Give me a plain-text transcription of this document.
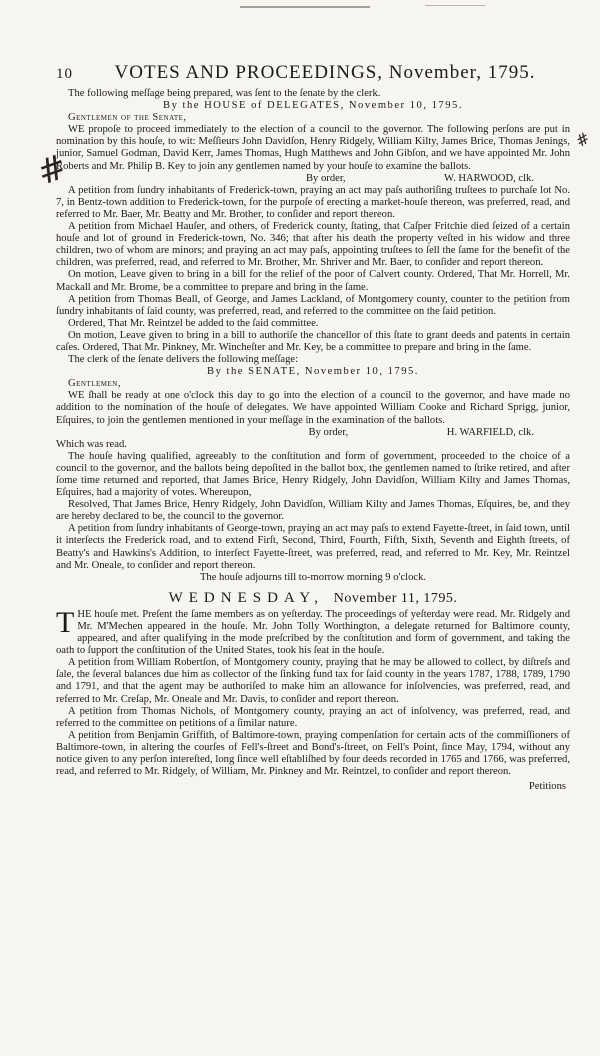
#
#
10	VOTES AND PROCEEDINGS, November, 1795.

The following meſſage being prepared, was ſent to the ſenate by the clerk.

By the HOUSE of DELEGATES, November 10, 1795.

Gentlemen of the Senate,

WE propoſe to proceed immediately to the election of a council to the governor. The following perſons are put in nomination by this houſe, to wit: Meſſieurs John Davidſon, Henry Ridgely, William Kilty, James Brice, Thomas Jenings, junior, Samuel Godman, David Kerr, James Thomas, Hugh Matthews and John Gibſon, and we have appointed Mr. John Roberts and Mr. Philip B. Key to join any gentlemen named by your houſe to examine the ballots.

By order,	W. HARWOOD, clk.

A petition from ſundry inhabitants of Frederick-town, praying an act may paſs authoriſing truſtees to purchaſe lot No. 7, in Bentz-town addition to Frederick-town, for the purpoſe of erecting a market-houſe thereon, was preferred, read, and referred to Mr. Baer, Mr. Beatty and Mr. Brother, to conſider and report thereon.

A petition from Michael Hauſer, and others, of Frederick county, ſtating, that Caſper Fritchie died ſeized of a certain houſe and lot of ground in Frederick-town, No. 346; that after his death the property veſted in his widow and three children, two of whom are minors; and praying an act may paſs, appointing truſtees to ſell the ſame for the benefit of the children, was preferred, read, and referred to Mr. Brother, Mr. Shriver and Mr. Baer, to conſider and report thereon.

On motion, Leave given to bring in a bill for the relief of the poor of Calvert county. Ordered, That Mr. Horrell, Mr. Mackall and Mr. Brome, be a committee to prepare and bring in the ſame.

A petition from Thomas Beall, of George, and James Lackland, of Montgomery county, counter to the petition from ſundry inhabitants of ſaid county, was preferred, read, and referred to the committee on the ſaid petition.

Ordered, That Mr. Reintzel be added to the ſaid committee.

On motion, Leave given to bring in a bill to authoriſe the chancellor of this ſtate to grant deeds and patents in certain caſes. Ordered, That Mr. Pinkney, Mr. Wincheſter and Mr. Key, be a committee to prepare and bring in the ſame.

The clerk of the ſenate delivers the following meſſage:

By the SENATE, November 10, 1795.

Gentlemen,

WE ſhall be ready at one o'clock this day to go into the election of a council to the governor, and have made no addition to the nomination of the houſe of delegates. We have appointed William Cooke and Richard Sprigg, junior, Eſquires, to join the gentlemen mentioned in your meſſage in the examination of the ballots.

By order,	H. WARFIELD, clk.

Which was read.

The houſe having qualified, agreeably to the conſtitution and form of government, proceeded to the choice of a council to the governor, and the ballots being depoſited in the ballot box, the gentlemen named to ſtrike retired, and after ſome time returned and reported, that James Brice, Henry Ridgely, John Davidſon, William Kilty and James Thomas, Eſquires, had a majority of votes. Whereupon,

Resolved, That James Brice, Henry Ridgely, John Davidſon, William Kilty and James Thomas, Eſquires, be, and they are hereby declared to be, the council to the governor.

A petition from ſundry inhabitants of George-town, praying an act may paſs to extend Fayette-ſtreet, in ſaid town, until it interſects the Frederick road, and to extend Firſt, Second, Third, Fourth, Fifth, Sixth, Seventh and Eighth ſtreets, of Beatty's and Hawkins's Addition, to interſect Fayette-ſtreet, was preferred, read, and referred to Mr. Key, Mr. Reintzel and Mr. Oneale, to conſider and report thereon.

The houſe adjourns till to-morrow morning 9 o'clock.

WEDNESDAY, November 11, 1795.

THE houſe met. Preſent the ſame members as on yeſterday. The proceedings of yeſterday were read. Mr. Ridgely and Mr. M'Mechen appeared in the houſe. Mr. John Tolly Worthington, a delegate returned for Baltimore county, appeared, and after qualifying in the mode preſcribed by the conſtitution and form of government, and taking the oath to ſupport the conſtitution of the United States, took his ſeat in the houſe.

A petition from William Robertſon, of Montgomery county, praying that he may be allowed to collect, by diſtreſs and ſale, the ſeveral balances due him as collector of the ſinking fund tax for ſaid county in the years 1787, 1788, 1789, 1790 and 1791, and that the agent may be authoriſed to make him an allowance for inſolvencies, was preferred, read, and referred to Mr. Creſap, Mr. Oneale and Mr. Davis, to conſider and report thereon.

A petition from Thomas Nichols, of Montgomery county, praying an act of inſolvency, was preferred, read, and referred to the committee on petitions of a ſimilar nature.

A petition from Benjamin Griffith, of Baltimore-town, praying compenſation for certain acts of the commiſſioners of Baltimore-town, in altering the courſes of Fell's-ſtreet and Bond's-ſtreet, on Fell's Point, ſince May, 1794, without any notice given to any perſon intereſted, long ſince well eſtabliſhed by four deeds recorded in 1765 and 1766, was preferred, read, and referred to Mr. Ridgely, of William, Mr. Pinkney and Mr. Reintzel, to conſider and report thereon.

Petitions
